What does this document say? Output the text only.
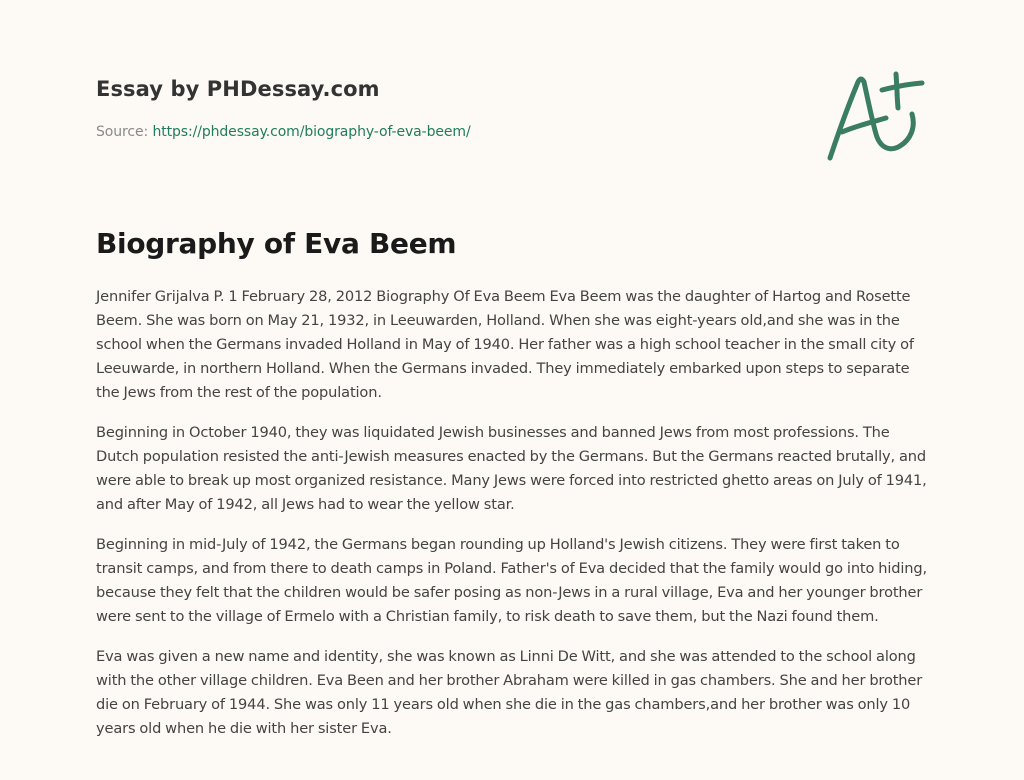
Essay by PHDessay.com
Source: https://phdessay.com/biography-of-eva-beem/
Biography of Eva Beem

Jennifer Grijalva P. 1 February 28, 2012 Biography Of Eva Beem Eva Beem was the daughter of Hartog and Rosette Beem. She was born on May 21, 1932, in Leeuwarden, Holland. When she was eight-years old,and she was in the school when the Germans invaded Holland in May of 1940. Her father was a high school teacher in the small city of Leeuwarde, in northern Holland. When the Germans invaded. They immediately embarked upon steps to separate the Jews from the rest of the population.

Beginning in October 1940, they was liquidated Jewish businesses and banned Jews from most professions. The Dutch population resisted the anti-Jewish measures enacted by the Germans. But the Germans reacted brutally, and were able to break up most organized resistance. Many Jews were forced into restricted ghetto areas on July of 1941, and after May of 1942, all Jews had to wear the yellow star.

Beginning in mid-July of 1942, the Germans began rounding up Holland's Jewish citizens. They were first taken to transit camps, and from there to death camps in Poland. Father's of Eva decided that the family would go into hiding, because they felt that the children would be safer posing as non-Jews in a rural village, Eva and her younger brother were sent to the village of Ermelo with a Christian family, to risk death to save them, but the Nazi found them.

Eva was given a new name and identity, she was known as Linni De Witt, and she was attended to the school along with the other village children. Eva Been and her brother Abraham were killed in gas chambers. She and her brother die on February of 1944. She was only 11 years old when she die in the gas chambers,and her brother was only 10 years old when he die with her sister Eva.
